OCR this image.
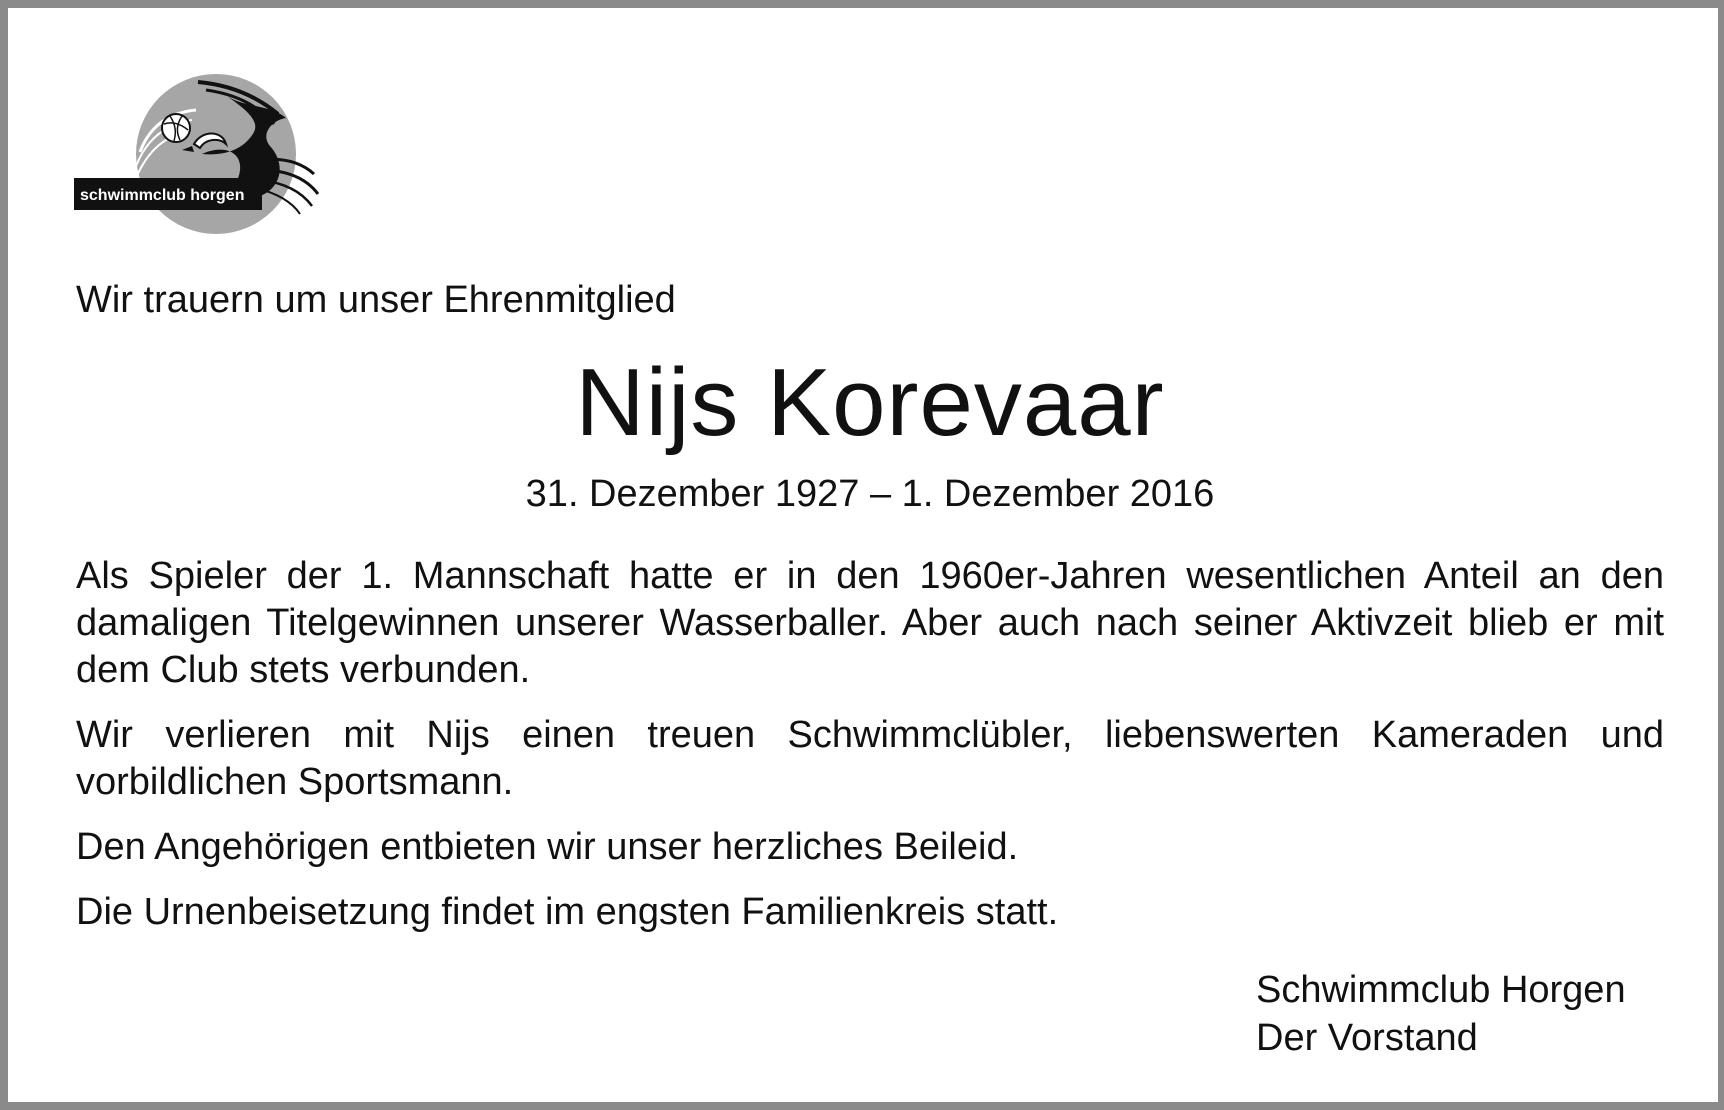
schwimmclub horgen
Wir trauern um unser Ehrenmitglied
Nijs Korevaar
31. Dezember 1927 – 1. Dezember 2016

Als Spieler der 1. Mannschaft hatte er in den 1960er-Jahren wesentlichen Anteil an den damaligen Titelgewinnen unserer Wasserballer. Aber auch nach seiner Aktivzeit blieb er mit dem Club stets verbunden.

Wir verlieren mit Nijs einen treuen Schwimmclübler, liebenswerten Kameraden und vorbildlichen Sportsmann.

Den Angehörigen entbieten wir unser herzliches Beileid.

Die Urnenbeisetzung findet im engsten Familienkreis statt.

Schwimmclub Horgen
Der Vorstand
